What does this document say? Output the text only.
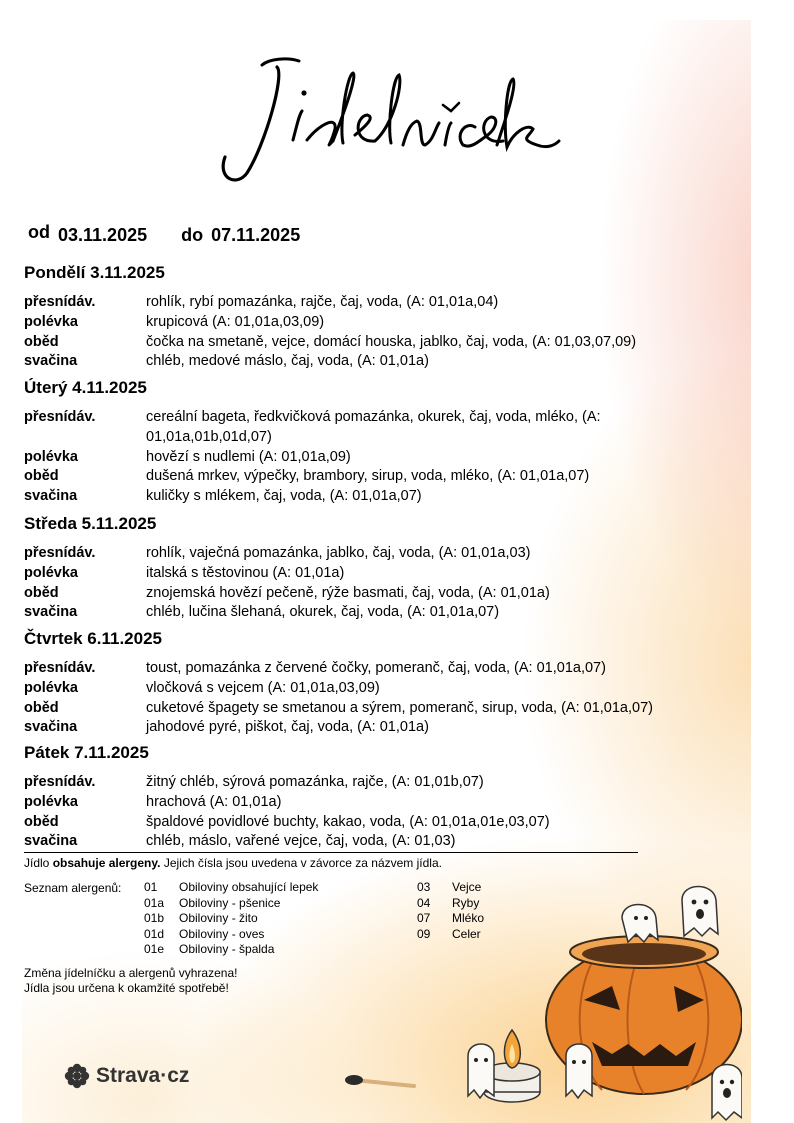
od 03.11.2025 do 07.11.2025
Pondělí 3.11.2025
přesnídáv.	rohlík, rybí pomazánka, rajče, čaj, voda, (A: 01,01a,04)
polévka	krupicová (A: 01,01a,03,09)
oběd	čočka na smetaně, vejce, domácí houska, jablko, čaj, voda, (A: 01,03,07,09)
svačina	chléb, medové máslo, čaj, voda, (A: 01,01a)
Úterý 4.11.2025
přesnídáv.	cereální bageta, ředkvičková pomazánka, okurek, čaj, voda, mléko, (A: 01,01a,01b,01d,07)
polévka	hovězí s nudlemi (A: 01,01a,09)
oběd	dušená mrkev, výpečky, brambory, sirup, voda, mléko, (A: 01,01a,07)
svačina	kuličky s mlékem, čaj, voda, (A: 01,01a,07)
Středa 5.11.2025
přesnídáv.	rohlík, vaječná pomazánka, jablko, čaj, voda, (A: 01,01a,03)
polévka	italská s těstovinou (A: 01,01a)
oběd	znojemská hovězí pečeně, rýže basmati, čaj, voda, (A: 01,01a)
svačina	chléb, lučina šlehaná, okurek, čaj, voda, (A: 01,01a,07)
Čtvrtek 6.11.2025
přesnídáv.	toust, pomazánka z červené čočky, pomeranč, čaj, voda, (A: 01,01a,07)
polévka	vločková s vejcem (A: 01,01a,03,09)
oběd	cuketové špagety se smetanou a sýrem, pomeranč, sirup, voda, (A: 01,01a,07)
svačina	jahodové pyré, piškot, čaj, voda, (A: 01,01a)
Pátek 7.11.2025
přesnídáv.	žitný chléb, sýrová pomazánka, rajče, (A: 01,01b,07)
polévka	hrachová (A: 01,01a)
oběd	špaldové povidlové buchty, kakao, voda, (A: 01,01a,01e,03,07)
svačina	chléb, máslo, vařené vejce, čaj, voda, (A: 01,03)
Jídlo obsahuje alergeny. Jejich čísla jsou uvedena v závorce za názvem jídla.
Seznam alergenů: 01	Obiloviny obsahující lepek
01a	Obiloviny - pšenice
01b	Obiloviny - žito
01d	Obiloviny - oves
01e	Obiloviny - špalda
03	Vejce
04	Ryby
07	Mléko
09	Celer
Změna jídelníčku a alergenů vyhrazena!
Jídla jsou určena k okamžité spotřebě!
Strava·cz
